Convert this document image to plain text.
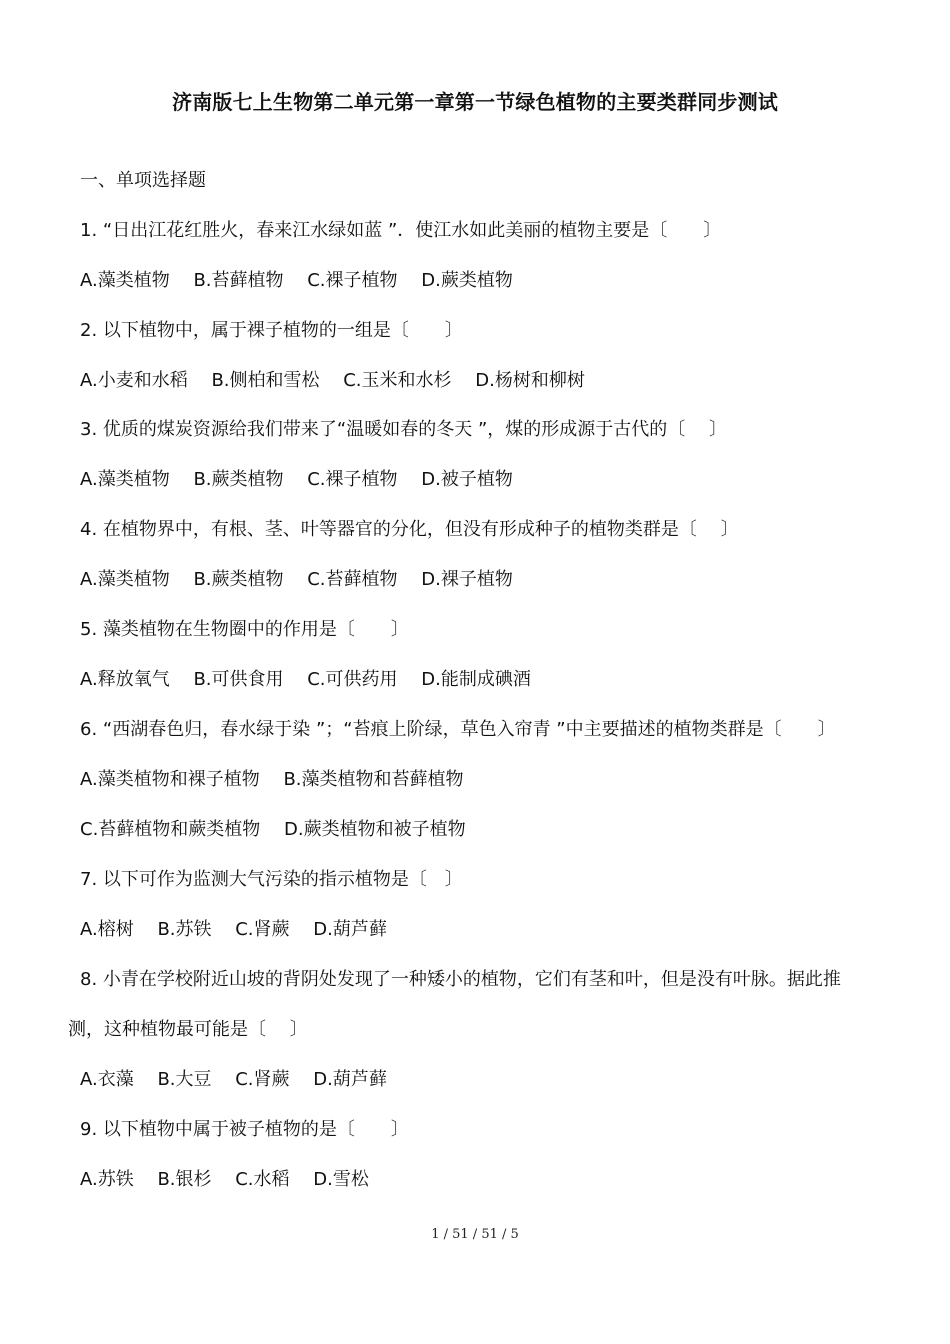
济南版七上生物第二单元第一章第一节绿色植物的主要类群同步测试
一、单项选择题
1. “日出江花红胜火，春来江水绿如蓝 ”．使江水如此美丽的植物主要是〔　　〕
A.藻类植物　 B.苔藓植物　 C.裸子植物　 D.蕨类植物
2. 以下植物中，属于裸子植物的一组是〔　　〕
A.小麦和水稻　 B.侧柏和雪松　 C.玉米和水杉　 D.杨树和柳树
3. 优质的煤炭资源给我们带来了“温暖如春的冬天 ”，煤的形成源于古代的〔　 〕
A.藻类植物　 B.蕨类植物　 C.裸子植物　 D.被子植物
4. 在植物界中，有根、茎、叶等器官的分化，但没有形成种子的植物类群是〔　 〕
A.藻类植物　 B.蕨类植物　 C.苔藓植物　 D.裸子植物
5. 藻类植物在生物圈中的作用是〔　　〕
A.释放氧气　 B.可供食用　 C.可供药用　 D.能制成碘酒
6. “西湖春色归，春水绿于染 ”；“苔痕上阶绿，草色入帘青 ”中主要描述的植物类群是〔　　〕
A.藻类植物和裸子植物　 B.藻类植物和苔藓植物
C.苔藓植物和蕨类植物　 D.蕨类植物和被子植物
7. 以下可作为监测大气污染的指示植物是〔　〕
A.榕树　 B.苏铁　 C.肾蕨　 D.葫芦藓
8. 小青在学校附近山坡的背阴处发现了一种矮小的植物，它们有茎和叶，但是没有叶脉。据此推
测，这种植物最可能是〔　 〕
A.衣藻　 B.大豆　 C.肾蕨　 D.葫芦藓
9. 以下植物中属于被子植物的是〔　　〕
A.苏铁　 B.银杉　 C.水稻　 D.雪松
1 / 51 / 51 / 5
